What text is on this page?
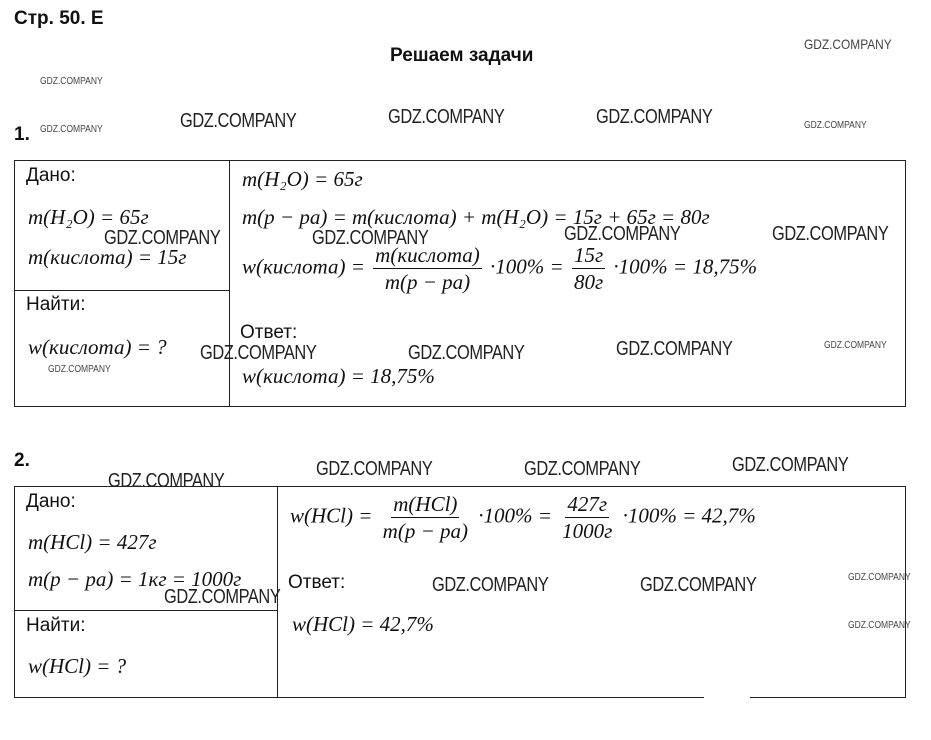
Стр. 50. Е
Решаем задачи
1.
Дано:
m(H₂O) = 65г
m(кислота) = 15г
Найти:
w(кислота) = ?
m(H₂O) = 65г
m(р − ра) = m(кислота) + m(H₂O) = 15г + 65г = 80г
w(кислота) = $\frac{\text{m(кислота)}}{m(р - ра)} \cdot 100\% = \frac{15г}{80г} \cdot 100\% = 18,75\%$
Ответ:
w(кислота) = 18,75%
2.
Дано:
m(HCl) = 427г
m(р − ра) = 1кг = 1000г
Найти:
w(HCl) = ?
$w(HCl) = \frac{\text{m(HCl)}}{m(р - ра)} \cdot 100\% = \frac{427г}{1000г} \cdot 100\% = 42,7\%$
Ответ:
w(HCl) = 42,7%
GDZ.COMPANY
GDZ.COMPANY
GDZ.COMPANY	GDZ.COMPANY	GDZ.COMPANY	GDZ.COMPANY	GDZ.COMPANY
GDZ.COMPANY	GDZ.COMPANY	GDZ.COMPANY	GDZ.COMPANY
GDZ.COMPANY	GDZ.COMPANY	GDZ.COMPANY	GDZ.COMPANY
GDZ.COMPANY
GDZ.COMPANY
GDZ.COMPANY	GDZ.COMPANY	GDZ.COMPANY
GDZ.COMPANY
GDZ.COMPANY	GDZ.COMPANY	GDZ.COMPANY
GDZ.COMPANY
